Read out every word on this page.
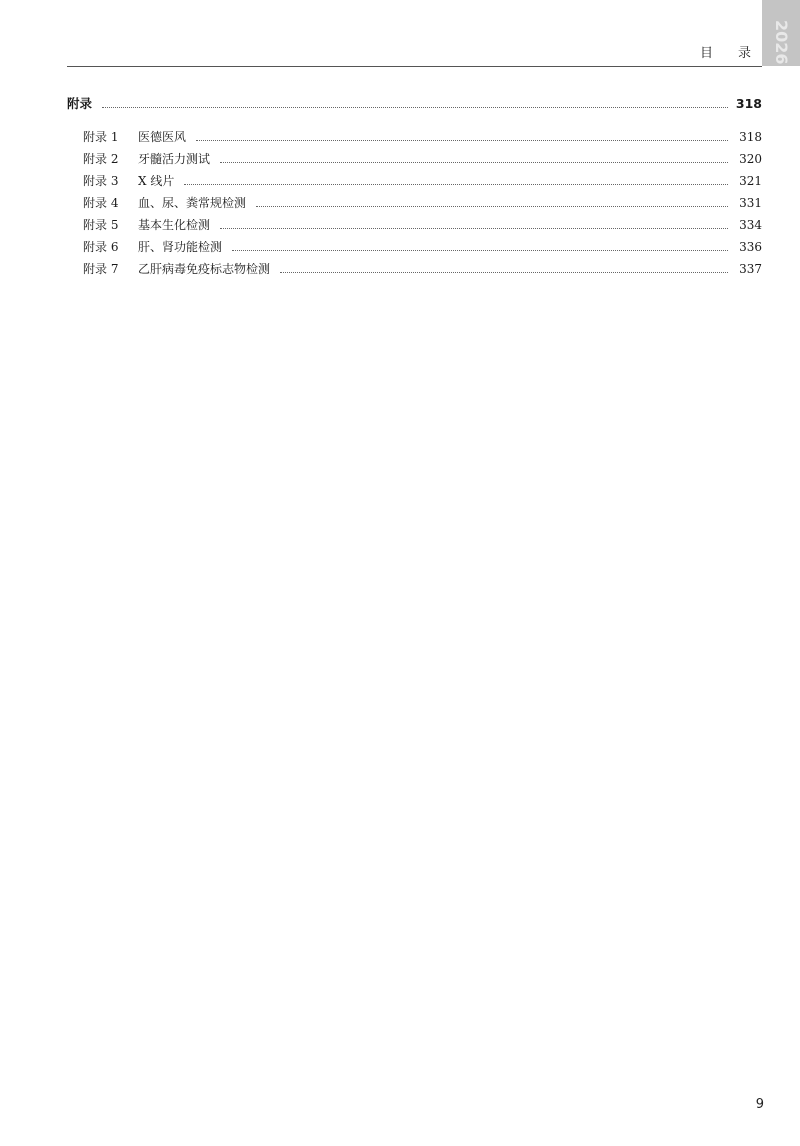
2026
目 录
附录	318
附录 1	医德医风	318
附录 2	牙髓活力测试	320
附录 3	X 线片	321
附录 4	血、尿、粪常规检测	331
附录 5	基本生化检测	334
附录 6	肝、肾功能检测	336
附录 7	乙肝病毒免疫标志物检测	337
9
